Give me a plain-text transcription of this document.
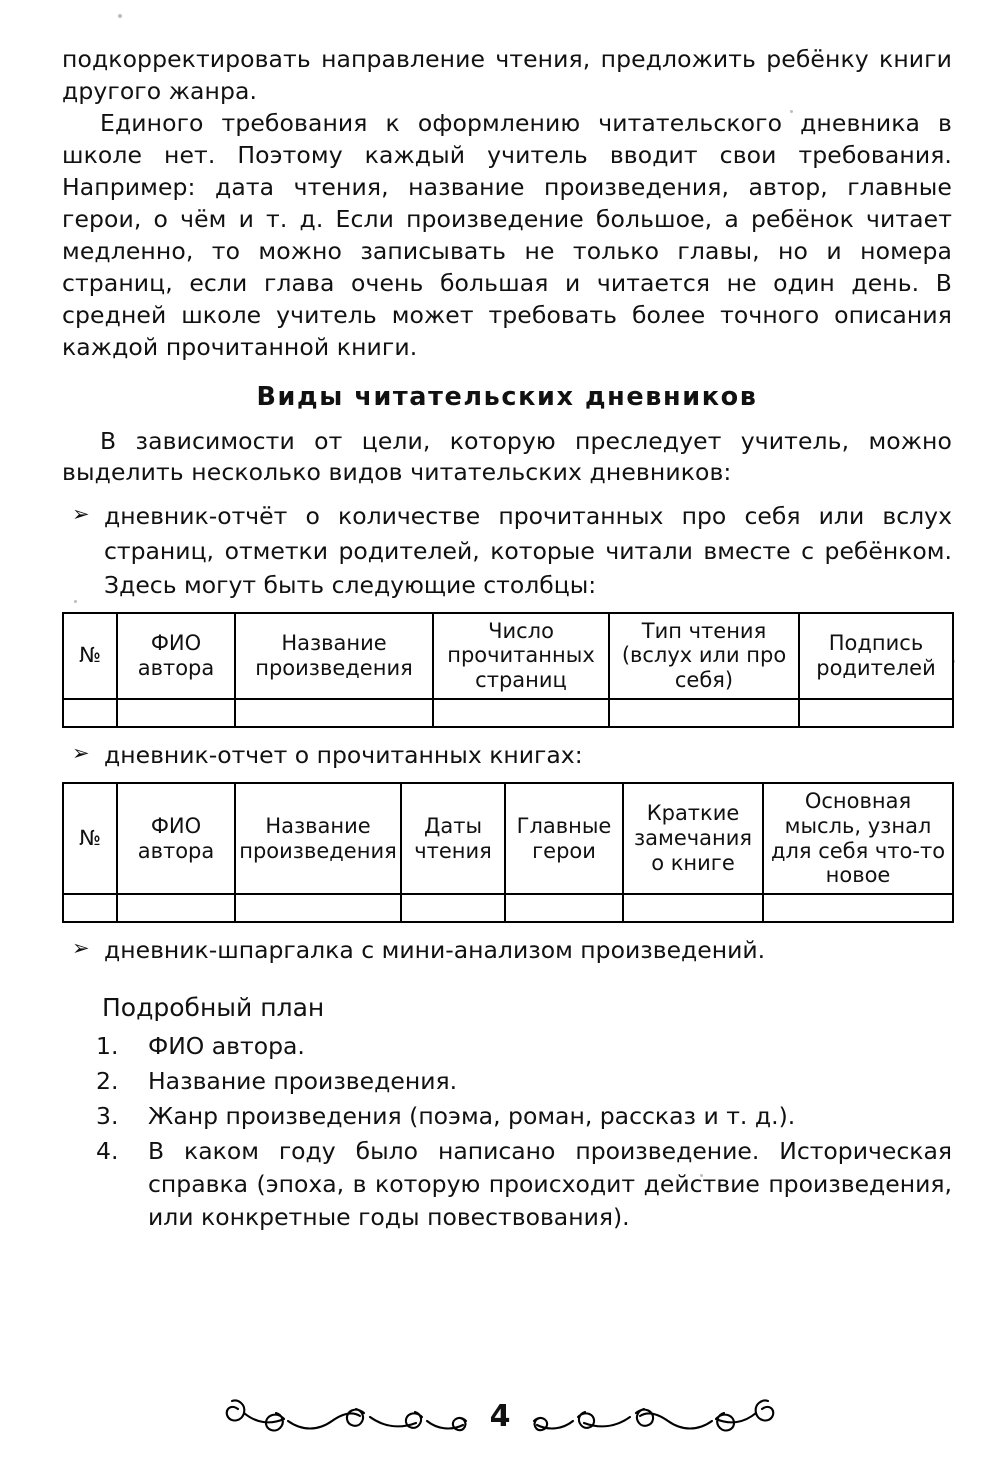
подкорректировать направление чтения, предложить ребёнку книги другого жанра.

Единого требования к оформлению читательского дневника в школе нет. Поэтому каждый учитель вводит свои требования. Например: дата чтения, название произведения, автор, главные герои, о чём и т. д. Если произведение большое, а ребёнок читает медленно, то можно записывать не только главы, но и номера страниц, если глава очень большая и читается не один день. В средней школе учитель может требовать более точного описания каждой прочитанной книги.

Виды читательских дневников

В зависимости от цели, которую преследует учитель, можно выделить несколько видов читательских дневников:

➢ дневник-отчёт о количестве прочитанных про себя или вслух страниц, отметки родителей, которые читали вместе с ребёнком. Здесь могут быть следующие столбцы:
№	ФИО автора	Название произведения	Число прочитанных страниц	Тип чтения (вслух или про себя)	Подпись родителей

➢ дневник-отчет о прочитанных книгах:
№	ФИО автора	Название произведения	Даты чтения	Главные герои	Краткие замечания о книге	Основная мысль, узнал для себя что-то новое

➢ дневник-шпаргалка с мини-анализом произведений.
Подробный план
ФИО автора.
Название произведения.
Жанр произведения (поэма, роман, рассказ и т. д.).
В каком году было написано произведение. Историческая справка (эпоха, в которую происходит действие произведения, или конкретные годы повествования).
4
